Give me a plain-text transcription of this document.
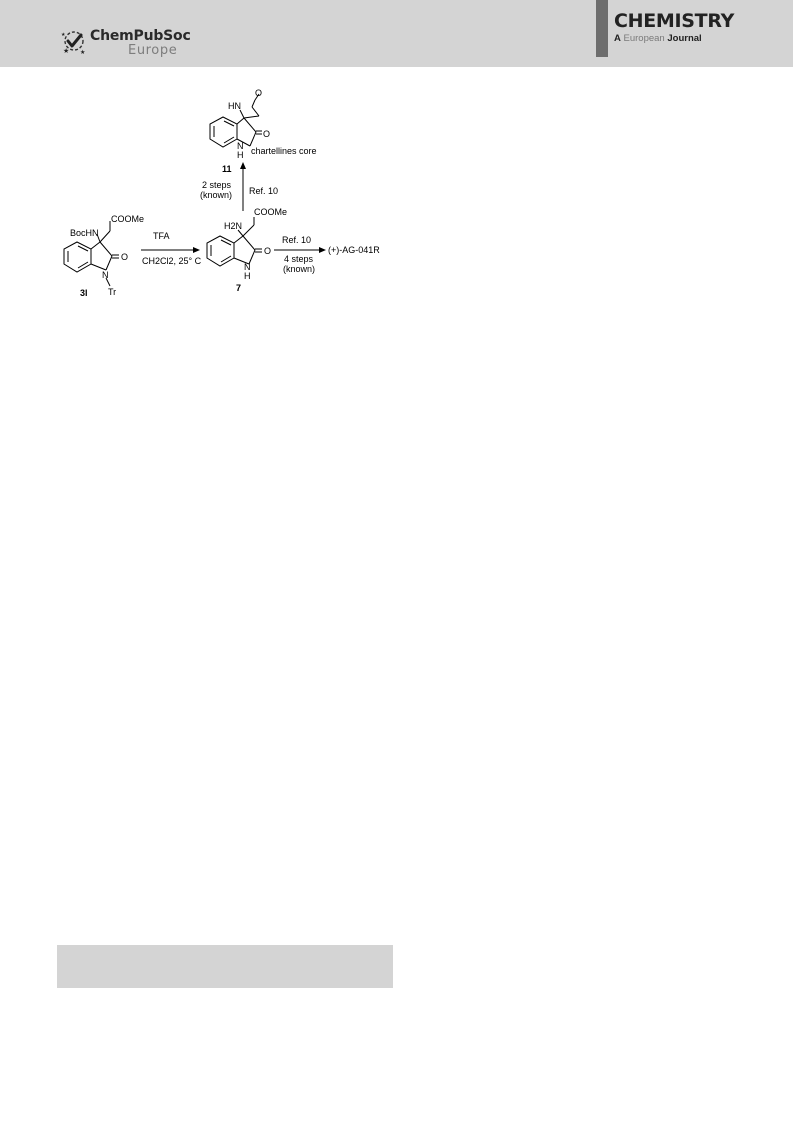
★ ★
★ ChemPubSoc
Europe
CHEMISTRY
A European Journal
HN
O
O
N
H chartellines core
11
2 steps
(known) Ref. 10
COOMe
BocHN
O
N
Tr
3l
TFA
CH2Cl2, 25° C
COOMe
H2N
O
N
H
7
Ref. 10
4 steps
(known)
(+)-AG-041R
